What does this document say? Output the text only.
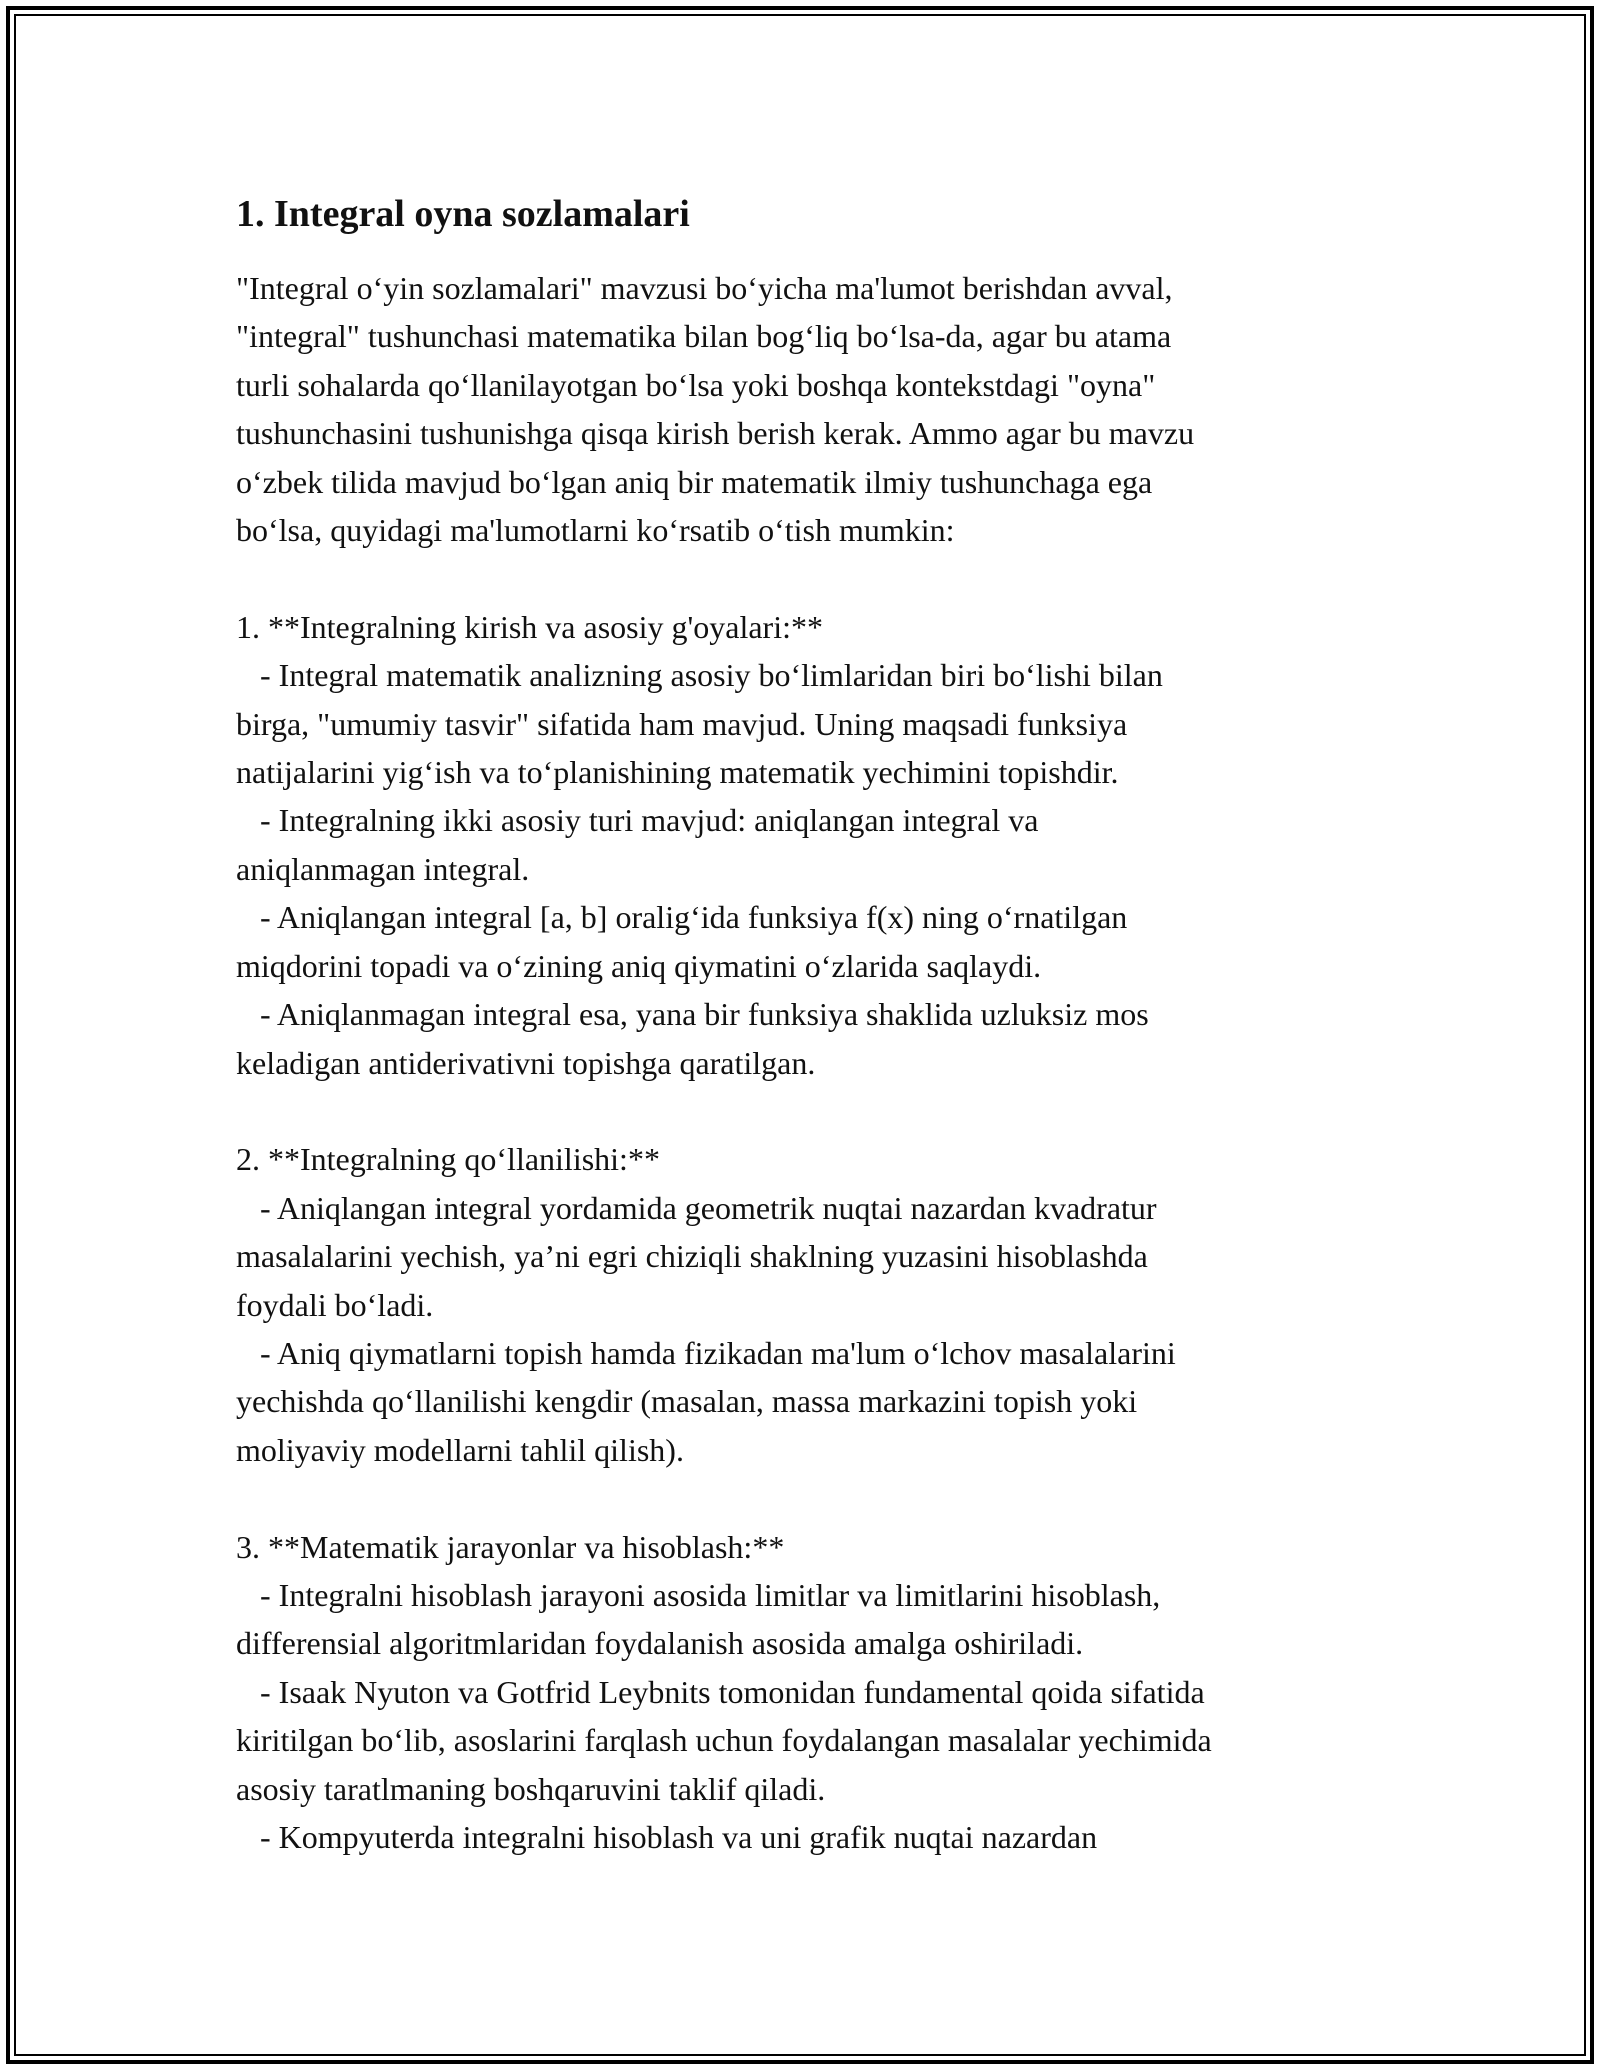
1. Integral oyna sozlamalari

"Integral o‘yin sozlamalari" mavzusi bo‘yicha ma'lumot berishdan avval,
"integral" tushunchasi matematika bilan bog‘liq bo‘lsa-da, agar bu atama
turli sohalarda qo‘llanilayotgan bo‘lsa yoki boshqa kontekstdagi "oyna"
tushunchasini tushunishga qisqa kirish berish kerak. Ammo agar bu mavzu
o‘zbek tilida mavjud bo‘lgan aniq bir matematik ilmiy tushunchaga ega
bo‘lsa, quyidagi ma'lumotlarni ko‘rsatib o‘tish mumkin:

1. **Integralning kirish va asosiy g'oyalari:**
- Integral matematik analizning asosiy bo‘limlaridan biri bo‘lishi bilan
birga, "umumiy tasvir" sifatida ham mavjud. Uning maqsadi funksiya
natijalarini yig‘ish va to‘planishining matematik yechimini topishdir.
- Integralning ikki asosiy turi mavjud: aniqlangan integral va
aniqlanmagan integral.
- Aniqlangan integral [a, b] oralig‘ida funksiya f(x) ning o‘rnatilgan
miqdorini topadi va o‘zining aniq qiymatini o‘zlarida saqlaydi.
- Aniqlanmagan integral esa, yana bir funksiya shaklida uzluksiz mos
keladigan antiderivativni topishga qaratilgan.

2. **Integralning qo‘llanilishi:**
- Aniqlangan integral yordamida geometrik nuqtai nazardan kvadratur
masalalarini yechish, ya’ni egri chiziqli shaklning yuzasini hisoblashda
foydali bo‘ladi.
- Aniq qiymatlarni topish hamda fizikadan ma'lum o‘lchov masalalarini
yechishda qo‘llanilishi kengdir (masalan, massa markazini topish yoki
moliyaviy modellarni tahlil qilish).

3. **Matematik jarayonlar va hisoblash:**
- Integralni hisoblash jarayoni asosida limitlar va limitlarini hisoblash,
differensial algoritmlaridan foydalanish asosida amalga oshiriladi.
- Isaak Nyuton va Gotfrid Leybnits tomonidan fundamental qoida sifatida
kiritilgan bo‘lib, asoslarini farqlash uchun foydalangan masalalar yechimida
asosiy taratlmaning boshqaruvini taklif qiladi.
- Kompyuterda integralni hisoblash va uni grafik nuqtai nazardan
